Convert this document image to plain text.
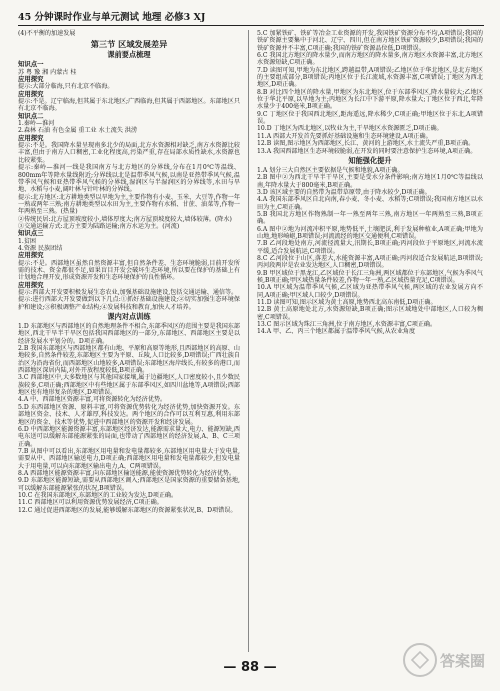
45 分钟课时作业与单元测试 地理 必修3 XJ

(4)不平衡的加速发展

第三节 区域发展差异
课前要点梳理

知识点一

苏 粤 豫 湘 内蒙古 桂

应用探究

提示:大部分临海,只有北京不临海。

应用探究

提示:不是。辽宁临海,但其属于东北地区;广西临海,但其属于西部地区。东部地区只有北京不临海。

知识点二

1.秦岭—淮河

2.森林 石油 有色金属 重工业 水土流失 洪涝

应用探究

提示:不是。我国降水量呈现南多北少的局面,北方水资源相对缺乏,南方水资源比较丰富,但由于南方人口稠密,工业化程度高,污染严重,存在局部水质性缺水,水资源也比较紧张。

提示:秦岭—淮河一线是我国南方与北方地区的分界线,分布在1月0℃等温线、800mm年等降水量线附近;分界线以北是温带季风气候,以南是亚热带季风气候,温带季风气候和亚热带季风气候的分界线,湿润区与半湿润区的分界线等,水田与旱地、水稻与小麦,阔叶林与针叶林的分界线。

提示:北方地区:北方耕地类型以旱地为主,主要作物有小麦、玉米、大豆等,作物一年一熟或两年三熟;南方耕地类型以水田为主,主要作物有水稻、甘蔗、油菜等,作物一年两熟至三熟。(热量)

②传统民居:北方屋顶坡度较小,墙体厚度大;南方屋顶坡度较大,墙体较薄。(降水)

③交通运输方式:北方主要为陆路运输;南方水运为主。(河流)

知识点三

1.贫困

4.资源 民族团结

应用探究

提示:不是。西部地区虽然自然资源丰富,但自然条件差、生态环境脆弱,目前开发所需的技术、资金都很不足,如果盲目开发会破坏生态环境,所以要在保护的基础上有计划地合理开发,形成资源开发和生态环境保护的良性循环。

应用探究

提示:西部大开发要积极发展生态农业,加强基础设施建设,包括交通运输、通信等。

提示:进行西部大开发要做到以下几点:①抓好基础设施建设;②切实加强生态环境保护和建设;③积极调整产业结构;④发展科技和教育,加快人才培养。

课内对点训练

1.D 东部地区与西部地区的自然地理条件不相合,东部季风区的范围主要是我国东部地区,西北干旱半干旱区包括我国西部地区的一部分,东部地区、西部地区主要是以经济发展水平划分的。D项正确。

2.B 我国东部地区与西部地区都有山地、平原和高原等地形,且西部地区的高原、山地较多,自然条件较差,东部地区主要为平原、丘陵,人口比较多,D项错误;广西壮族自治区为沿海省份,而西部地区山地较多,A项错误;东部地区海岸线长,有较多的港口,而西部地区深居内陆,对外开放程度较低,B项正确。

3.C 西部地区中,大多数地区与其他国家接壤,属于边疆地区,人口密度较小,且少数民族较多,C项正确;西部地区中有些地区属于东部季风区,如四川盆地等,A项错误;西部地区也有地形复杂的地区,D项错误。

4.A 中、西部地区资源丰富,可将资源转化为经济优势。

5.D 东西部地区资源、原料丰富,可将资源优势转化为经济优势,加快资源开发。东部地区资金、技术、人才雄厚,科技发达。两个地区的合作可以互利互惠,利用东部地区的资金、技术等优势,促进中西部地区的资源开发和经济发展。

6.D 中西部地区能源资源丰富,东部地区经济发达,能源需求量大,电力、能源短缺,西电东送可以缓解东部能源紧张的局面,也带动了西部地区的经济发展,A、B、C三项正确。

7.B 从图中可以看出,东部地区用电量和发电量都较多,东部地区用电量大于发电量,需要从中、西部地区输送电力,D项正确;西部地区用电量和发电量都较少,但发电量大于用电量,可以向东部地区输出电力,A、C两项错误。

8.A 西部地区能源资源丰富,向东部地区输送能源,能使资源优势转化为经济优势。

9.D 东部地区能源短缺,需要从西部地区调入;西部地区是国家资源的重要储备基地,可以缓解东部能源紧张的状况,B项错误。

10.C 在我国东部地区,东部地区的工业较为发达,D项正确。

11.C 西部地区可以利用资源优势发展经济,C项正确。

12.C 通过促进西部地区的发展,能够缓解东部地区的资源紧张状况,B、D项错误。

5.C 加紧铁矿、铁矿等冶金工业资源的开发,我国铁矿资源分布不均,A项错误;我国的铁矿资源主要集中于河北、辽宁、四川,但在南方地区铁矿资源较少,B项错误;我国的铁矿资源并不丰富,C项正确;我国的铁矿资源品位低,D项错误。

6.C 我国北方地区的降水量少,而南方地区的降水量多,南方地区水资源丰富,北方地区水资源短缺,C项正确。

7.D 读图可知,甲地为东北地区,跨越温带,A项错误;乙地区位于华北地区,是北方地区的主要组成部分,B项错误;丙地区位于长江流域,水资源丰富,C项错误;丁地区为西北地区,D项正确。

8.B 对比四个地区的降水量,甲地区为东北地区,位于东部季风区,降水量较大;乙地区位于华北平原,以旱地为主;丙地区为长江中下游平原,降水量大;丁地区位于西北,年降水量少于400毫米,B项正确。

9.C 丁地区位于我国西北地区,距海遥远,降水稀少,C项正确;甲地区位于东北,A项错误。

10.D 丁地区为西北地区,以牧业为主,干旱地区水资源匮乏,D项正确。

11.A 西部大开发首先要抓好基础设施和生态环境建设,A项正确。

12.B 读图,图示地区为西部地区,长江、黄河的上游地区,水土流失严重,B项正确。

13.A 我国西部地区生态环境较脆弱,在开发的同时要注意保护生态环境,A项正确。

知能强化提升

1.A 划分三大自然区主要依据是气候和地貌,A项正确。

2.B 图中②为西北干旱半干旱区,主要是受水分条件影响;南方地区1月0℃等温线以南,年降水量大于800毫米,B项正确。

3.D 该区域主要的自然带为温带草原带,由于降水较少,D项正确。

4.A 我国东部季风区自北向南,春小麦、冬小麦、水稻等;C项错误;我国南方地区以水田为主,C项正确。

5.B 我国北方地区作物熟制一年一熟至两年三熟,南方地区一年两熟至三熟,B项正确。

6.A 图中②地为河流冲积平原,地势低平,土壤肥沃,利于发展种植业,A项正确;甲地为山地,地形崎岖,B项错误;河流流经的地区交通便利,C项错误。

7.B 乙河段地处南方,河流径流量大,汛期长,B项正确;丙河段位于平原地区,河流水流平缓,适合发展航运,C项错误。

8.C 乙河段位于山区,落差大,水能资源丰富,A项正确;丙河段适合发展航运,B项错误;丙河段两岸是农业发达地区,人口稠密,D项错误。

9.B 甲区域位于黑龙江,乙区域位于长江三角洲,两区域都位于东部地区,气候为季风气候,B项正确;甲区域热量条件较差,作物一年一熟,乙区域热量充足,C项错误。

10.A 甲区域为温带季风气候,乙区域为亚热带季风气候,两区域的农业发展方向不同,A项正确;甲区域人口较少,D项错误。

11.D 读图可知,图示区域为黄土高原,地势西北高东南低,D项正确。

12.B 黄土高原地处北方,水资源短缺,B项正确;图示区域地处中部地区,人口较为稠密,C项错误。

13.C 图示区域为珠江三角洲,位于南方地区,水资源丰富,C项正确。

14.A 甲、乙、丙三个地区都属于温带季风气候,从农业角度

— 88 —	答案圈
